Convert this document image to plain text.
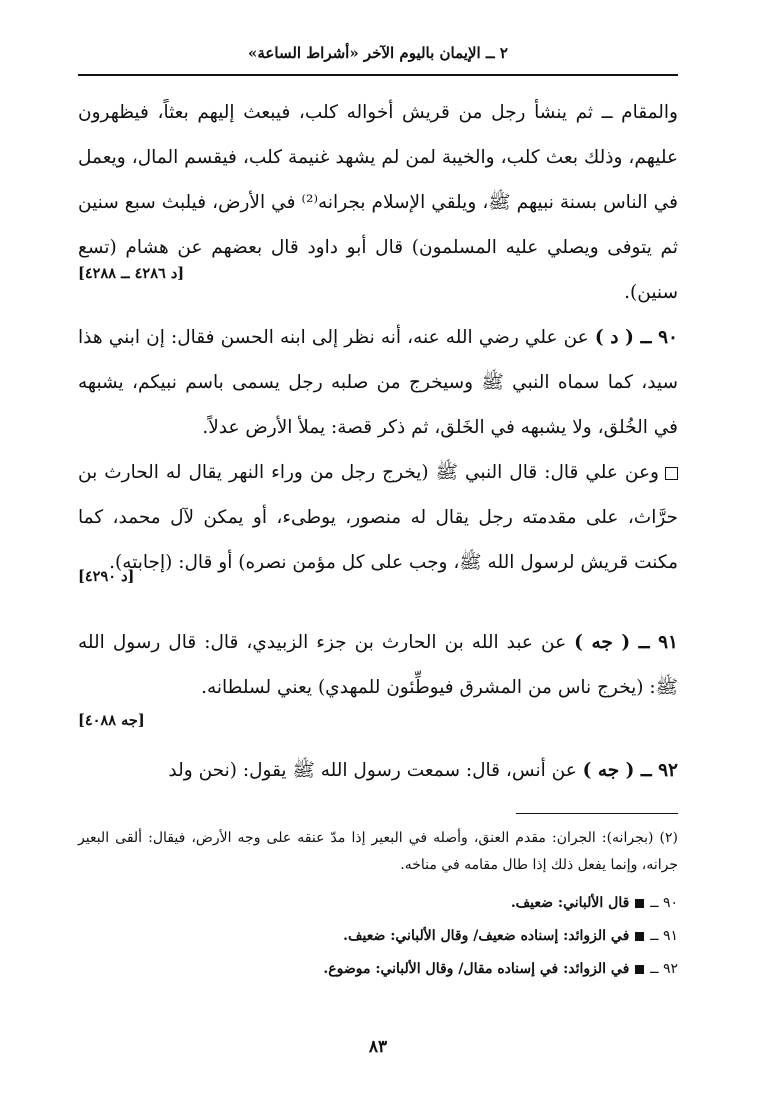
٢ ــ الإيمان باليوم الآخر «أشراط الساعة»

والمقام ــ ثم ينشأ رجل من قريش أخواله كلب، فيبعث إليهم بعثاً، فيظهرون عليهم، وذلك بعث كلب، والخيبة لمن لم يشهد غنيمة كلب، فيقسم المال، ويعمل في الناس بسنة نبيهم ﷺ، ويلقي الإسلام بجرانه⁽²⁾ في الأرض، فيلبث سبع سنين ثم يتوفى ويصلي عليه المسلمون) قال أبو داود قال بعضهم عن هشام (تسع سنين).

[د ٤٢٨٦ ــ ٤٢٨٨]

٩٠ ــ ( د ) عن علي رضي الله عنه، أنه نظر إلى ابنه الحسن فقال: إن ابني هذا سيد، كما سماه النبي ﷺ وسيخرج من صلبه رجل يسمى باسم نبيكم، يشبهه في الخُلق، ولا يشبهه في الخَلق، ثم ذكر قصة: يملأ الأرض عدلاً.

وعن علي قال: قال النبي ﷺ (يخرج رجل من وراء النهر يقال له الحارث بن حرَّاث، على مقدمته رجل يقال له منصور، يوطىء، أو يمكن لآل محمد، كما مكنت قريش لرسول الله ﷺ، وجب على كل مؤمن نصره) أو قال: (إجابته).

[د ٤٢٩٠]

٩١ ــ ( جه ) عن عبد الله بن الحارث بن جزء الزبيدي، قال: قال رسول الله ﷺ: (يخرج ناس من المشرق فيوطِّئون للمهدي) يعني لسلطانه.

[جه ٤٠٨٨]

٩٢ ــ ( جه ) عن أنس، قال: سمعت رسول الله ﷺ يقول: (نحن ولد

(٢) (بجرانه): الجران: مقدم العنق، وأصله في البعير إذا مدّ عنقه على وجه الأرض، فيقال: ألقى البعير جرانه، وإنما يفعل ذلك إذا طال مقامه في مناخه.

٩٠ ــقال الألباني: ضعيف.
٩١ ــفي الزوائد: إسناده ضعيف/ وقال الألباني: ضعيف.
٩٢ ــفي الزوائد: في إسناده مقال/ وقال الألباني: موضوع.
٨٣
